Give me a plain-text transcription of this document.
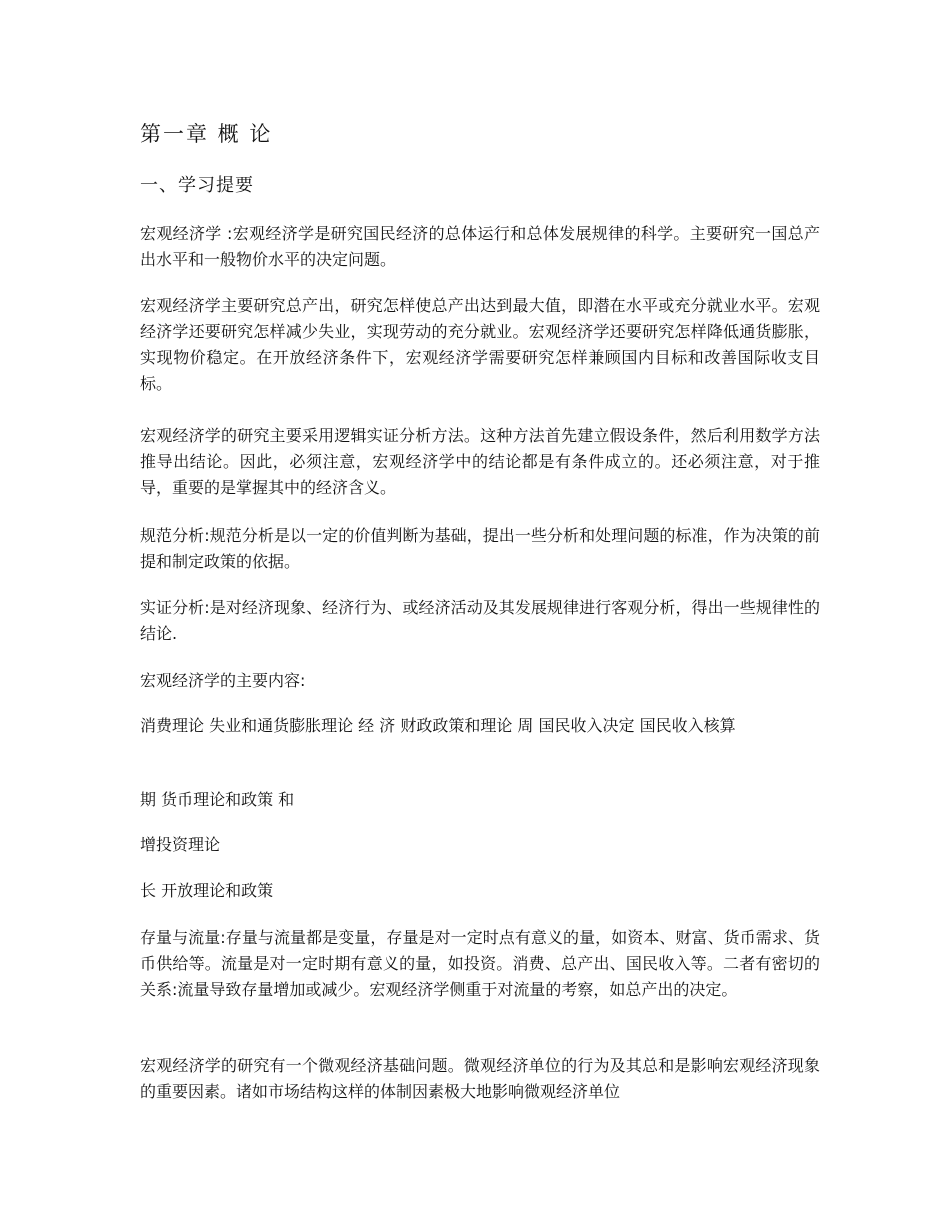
第一章 概 论
一、学习提要

宏观经济学 :宏观经济学是研究国民经济的总体运行和总体发展规律的科学。主要研究一国总产出水平和一般物价水平的决定问题。

宏观经济学主要研究总产出，研究怎样使总产出达到最大值，即潜在水平或充分就业水平。宏观经济学还要研究怎样减少失业，实现劳动的充分就业。宏观经济学还要研究怎样降低通货膨胀，实现物价稳定。在开放经济条件下，宏观经济学需要研究怎样兼顾国内目标和改善国际收支目标。

宏观经济学的研究主要采用逻辑实证分析方法。这种方法首先建立假设条件，然后利用数学方法推导出结论。因此，必须注意，宏观经济学中的结论都是有条件成立的。还必须注意，对于推导，重要的是掌握其中的经济含义。

规范分析:规范分析是以一定的价值判断为基础，提出一些分析和处理问题的标准，作为决策的前提和制定政策的依据。

实证分析:是对经济现象、经济行为、或经济活动及其发展规律进行客观分析，得出一些规律性的结论.

宏观经济学的主要内容:

消费理论 失业和通货膨胀理论 经 济 财政政策和理论 周 国民收入决定 国民收入核算

期 货币理论和政策 和

增投资理论

长 开放理论和政策

存量与流量:存量与流量都是变量，存量是对一定时点有意义的量，如资本、财富、货币需求、货币供给等。流量是对一定时期有意义的量，如投资。消费、总产出、国民收入等。二者有密切的关系:流量导致存量增加或减少。宏观经济学侧重于对流量的考察，如总产出的决定。

宏观经济学的研究有一个微观经济基础问题。微观经济单位的行为及其总和是影响宏观经济现象的重要因素。诸如市场结构这样的体制因素极大地影响微观经济单位
